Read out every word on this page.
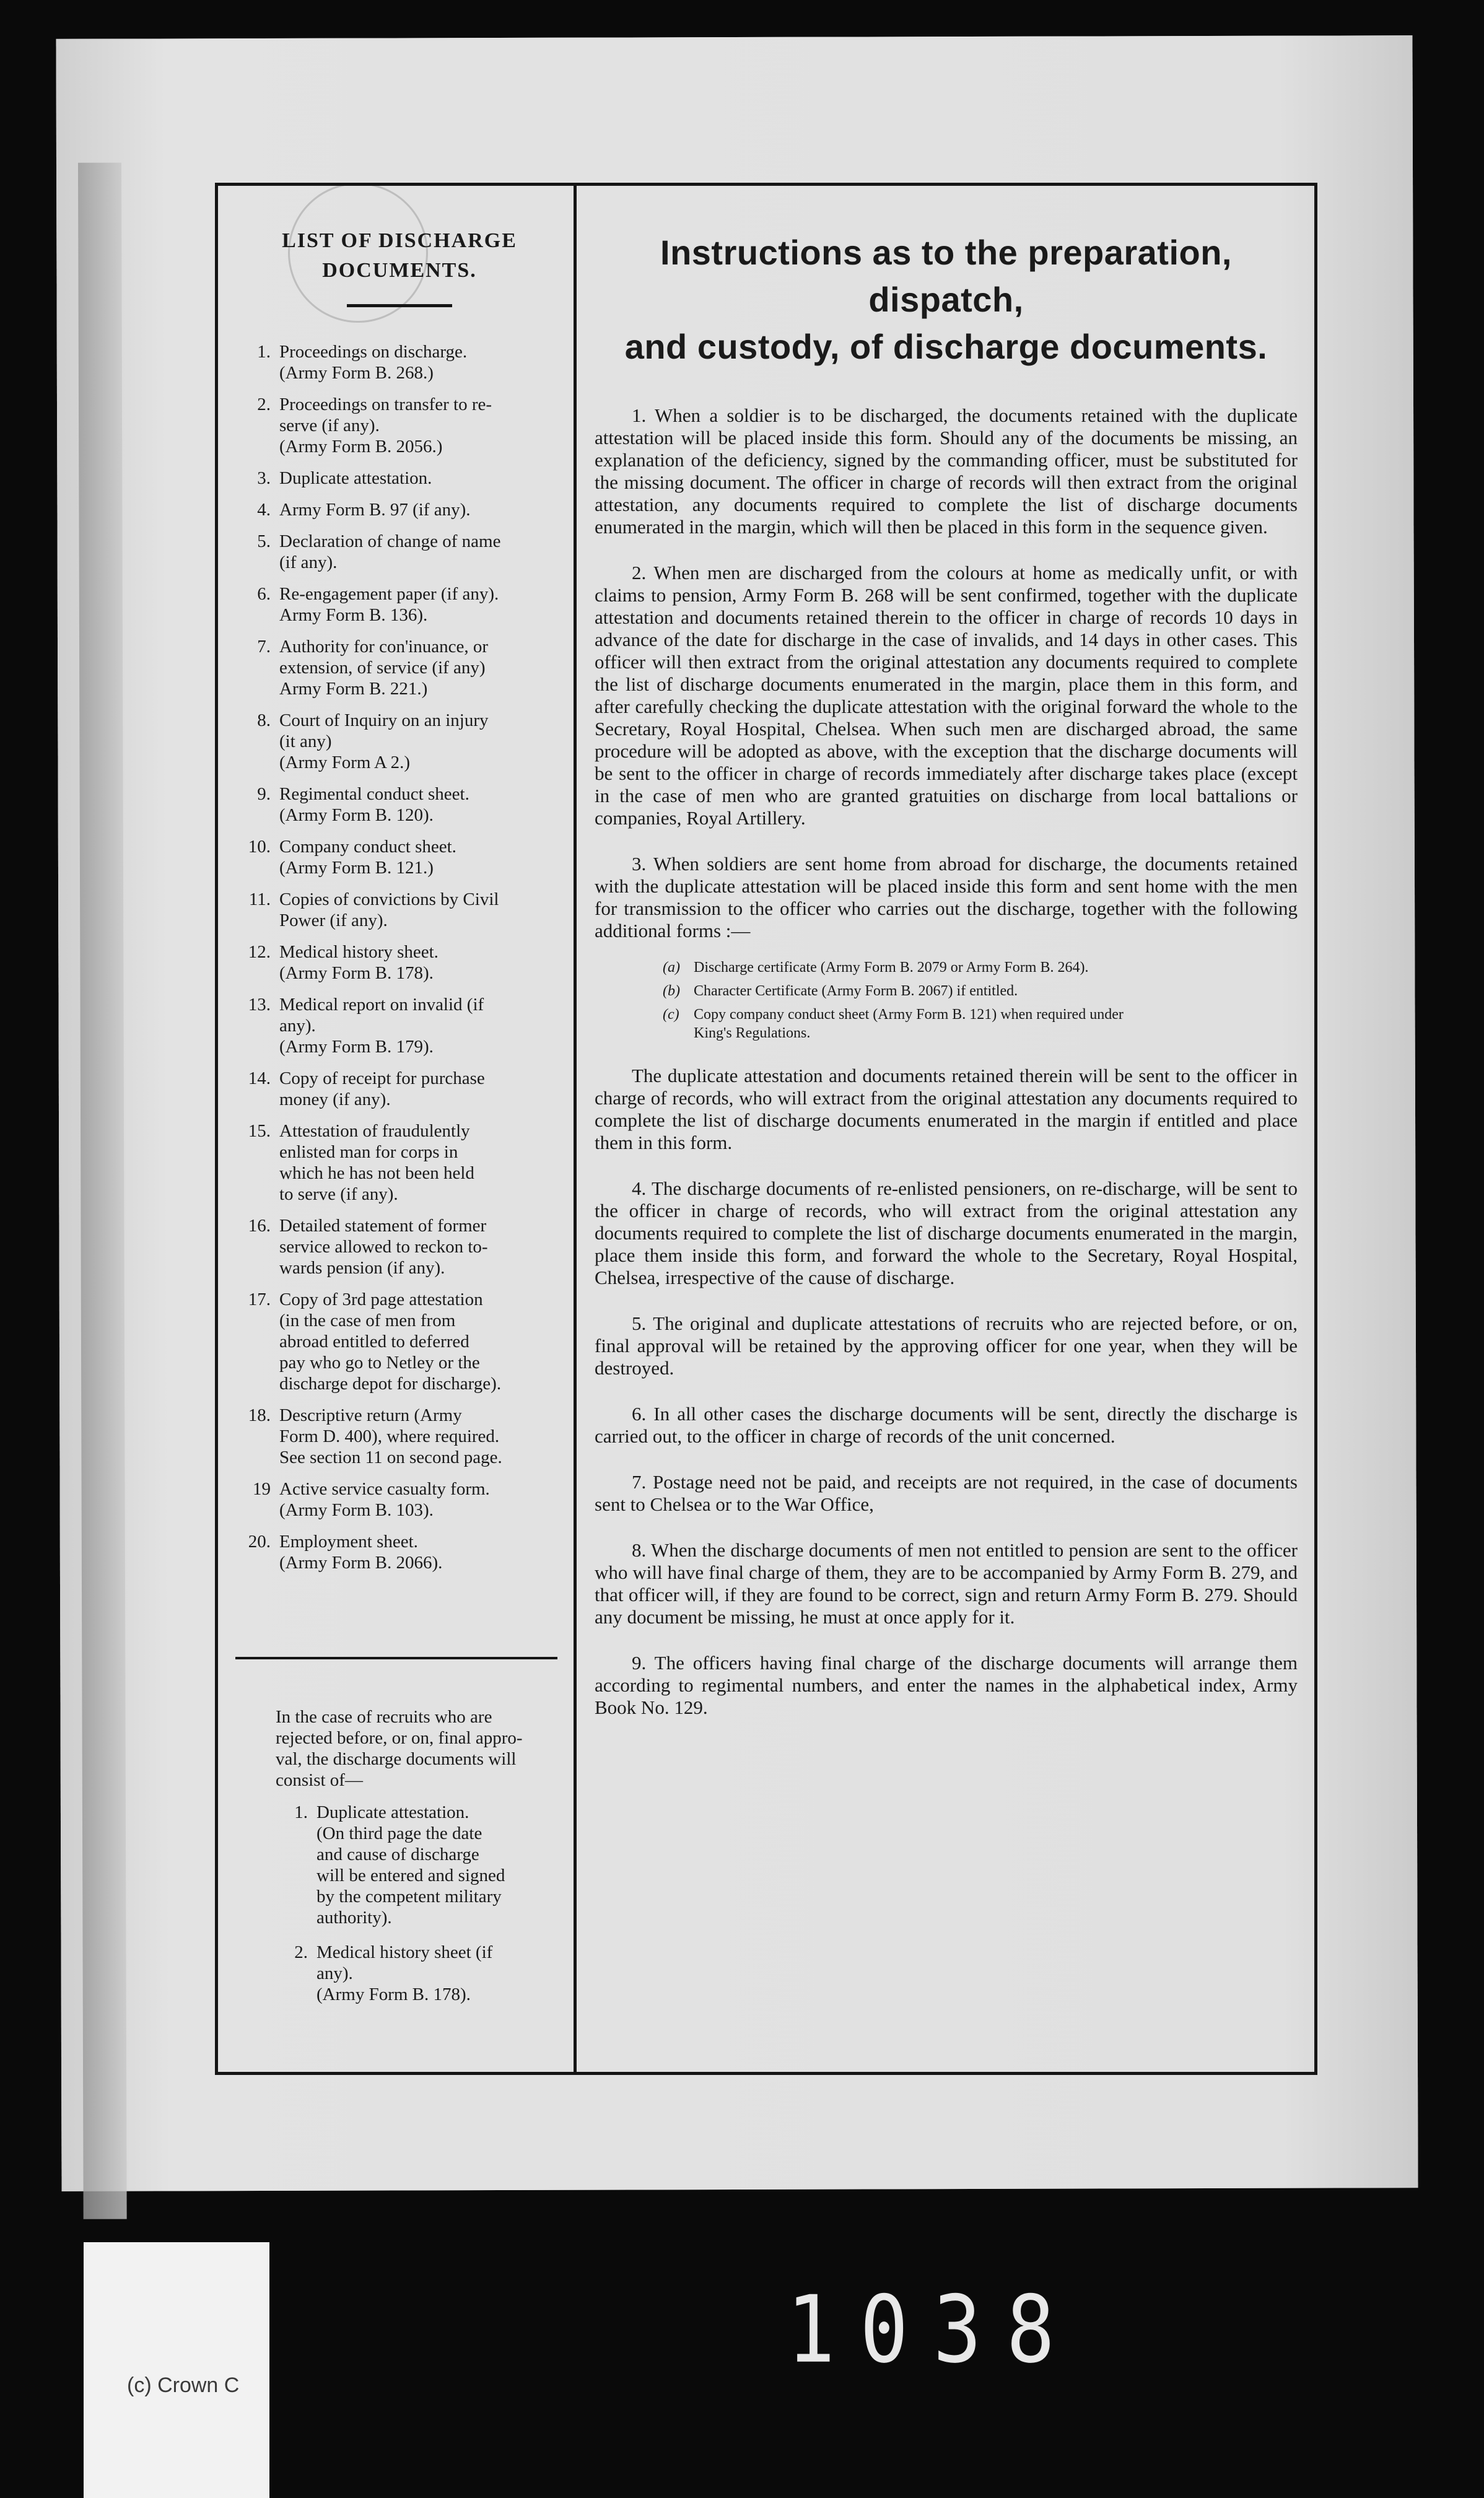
LIST OF DISCHARGE
DOCUMENTS.
1. Proceedings on discharge.
(Army Form B. 268.)
2. Proceedings on transfer to re-
serve (if any).
(Army Form B. 2056.)
3. Duplicate attestation.
4. Army Form B. 97 (if any).
5. Declaration of change of name
(if any).
6. Re-engagement paper (if any).
Army Form B. 136).
7. Authority for con'inuance, or
extension, of service (if any)
Army Form B. 221.)
8. Court of Inquiry on an injury
(it any)
(Army Form A 2.)
9. Regimental conduct sheet.
(Army Form B. 120).
10. Company conduct sheet.
(Army Form B. 121.)
11. Copies of convictions by Civil
Power (if any).
12. Medical history sheet.
(Army Form B. 178).
13. Medical report on invalid (if
any).
(Army Form B. 179).
14. Copy of receipt for purchase
money (if any).
15. Attestation of fraudulently
enlisted man for corps in
which he has not been held
to serve (if any).
16. Detailed statement of former
service allowed to reckon to-
wards pension (if any).
17. Copy of 3rd page attestation
(in the case of men from
abroad entitled to deferred
pay who go to Netley or the
discharge depot for discharge).
18. Descriptive return (Army
Form D. 400), where required.
See section 11 on second page.
19 Active service casualty form.
(Army Form B. 103).
20. Employment sheet.
(Army Form B. 2066).

In the case of recruits who are
rejected before, or on, final appro-
val, the discharge documents will
consist of—

1. Duplicate attestation.
(On third page the date
and cause of discharge
will be entered and signed
by the competent military
authority).
2. Medical history sheet (if
any).
(Army Form B. 178).
Instructions as to the preparation, dispatch,
and custody, of discharge documents.

1. When a soldier is to be discharged, the documents retained with the duplicate attestation will be placed inside this form. Should any of the documents be missing, an explanation of the deficiency, signed by the commanding officer, must be substituted for the missing document. The officer in charge of records will then extract from the original attestation, any documents required to complete the list of discharge documents enumerated in the margin, which will then be placed in this form in the sequence given.

2. When men are discharged from the colours at home as medically unfit, or with claims to pension, Army Form B. 268 will be sent confirmed, together with the duplicate attestation and documents retained therein to the officer in charge of records 10 days in advance of the date for discharge in the case of invalids, and 14 days in other cases. This officer will then extract from the original attestation any documents required to complete the list of discharge documents enumerated in the margin, place them in this form, and after carefully checking the duplicate attestation with the original forward the whole to the Secretary, Royal Hospital, Chelsea. When such men are discharged abroad, the same procedure will be adopted as above, with the exception that the discharge documents will be sent to the officer in charge of records immediately after discharge takes place (except in the case of men who are granted gratuities on discharge from local battalions or companies, Royal Artillery.

3. When soldiers are sent home from abroad for discharge, the documents retained with the duplicate attestation will be placed inside this form and sent home with the men for transmission to the officer who carries out the discharge, together with the following additional forms :—

(a) Discharge certificate (Army Form B. 2079 or Army Form B. 264).
(b) Character Certificate (Army Form B. 2067) if entitled.
(c) Copy company conduct sheet (Army Form B. 121) when required under
King's Regulations.

The duplicate attestation and documents retained therein will be sent to the officer in charge of records, who will extract from the original attestation any documents required to complete the list of discharge documents enumerated in the margin if entitled and place them in this form.

4. The discharge documents of re-enlisted pensioners, on re-discharge, will be sent to the officer in charge of records, who will extract from the original attestation any documents required to complete the list of discharge documents enumerated in the margin, place them inside this form, and forward the whole to the Secretary, Royal Hospital, Chelsea, irrespective of the cause of discharge.

5. The original and duplicate attestations of recruits who are rejected before, or on, final approval will be retained by the approving officer for one year, when they will be destroyed.

6. In all other cases the discharge documents will be sent, directly the discharge is carried out, to the officer in charge of records of the unit concerned.

7. Postage need not be paid, and receipts are not required, in the case of documents sent to Chelsea or to the War Office,

8. When the discharge documents of men not entitled to pension are sent to the officer who will have final charge of them, they are to be accompanied by Army Form B. 279, and that officer will, if they are found to be correct, sign and return Army Form B. 279. Should any document be missing, he must at once apply for it.

9. The officers having final charge of the discharge documents will arrange them according to regimental numbers, and enter the names in the alphabetical index, Army Book No. 129.

(c) Crown C
1038
